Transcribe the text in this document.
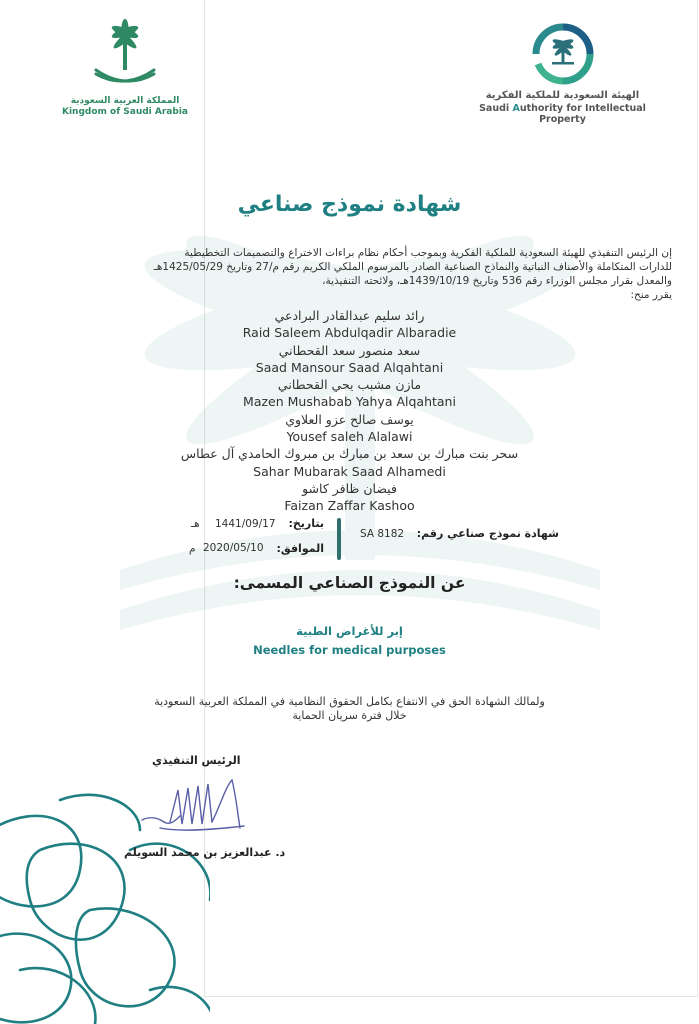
المملكة العربية السعودية
Kingdom of Saudi Arabia
الهيئة السعودية للملكية الفكرية
Saudi Authority for Intellectual Property
شهادة نموذج صناعي
إن الرئيس التنفيذي للهيئة السعودية للملكية الفكرية وبموجب أحكام نظام براءات الاختراع والتصميمات التخطيطية
للدارات المتكاملة والأصناف النباتية والنماذج الصناعية الصادر بالمرسوم الملكي الكريم رقم م/27 وتاريخ 1425/05/29هـ
والمعدل بقرار مجلس الوزراء رقم 536 وتاريخ 1439/10/19هـ، ولائحته التنفيذية،
يقرر منح:
رائد سليم عبدالقادر البرادعي
Raid Saleem Abdulqadir Albaradie
سعد منصور سعد القحطاني
Saad Mansour Saad Alqahtani
مازن مشبب يحي القحطاني
Mazen Mushabab Yahya Alqahtani
يوسف صالح عزو العلاوي
Yousef saleh Alalawi
سحر بنت مبارك بن سعد بن مبارك بن مبروك الحامدي آل عطاس
Sahar Mubarak Saad Alhamedi
فيضان ظافر كاشو
Faizan Zaffar Kashoo
شهادة نموذج صناعي رقم:
SA 8182
بتاريخ:
1441/09/17
هـ
الموافق:
2020/05/10
م
عن النموذج الصناعي المسمى:
إبر للأغراض الطبية
Needles for medical purposes
ولمالك الشهادة الحق في الانتفاع بكامل الحقوق النظامية في المملكة العربية السعودية
خلال فترة سريان الحماية
الرئيس التنفيذي
د. عبدالعزيز بن محمد السويلم
